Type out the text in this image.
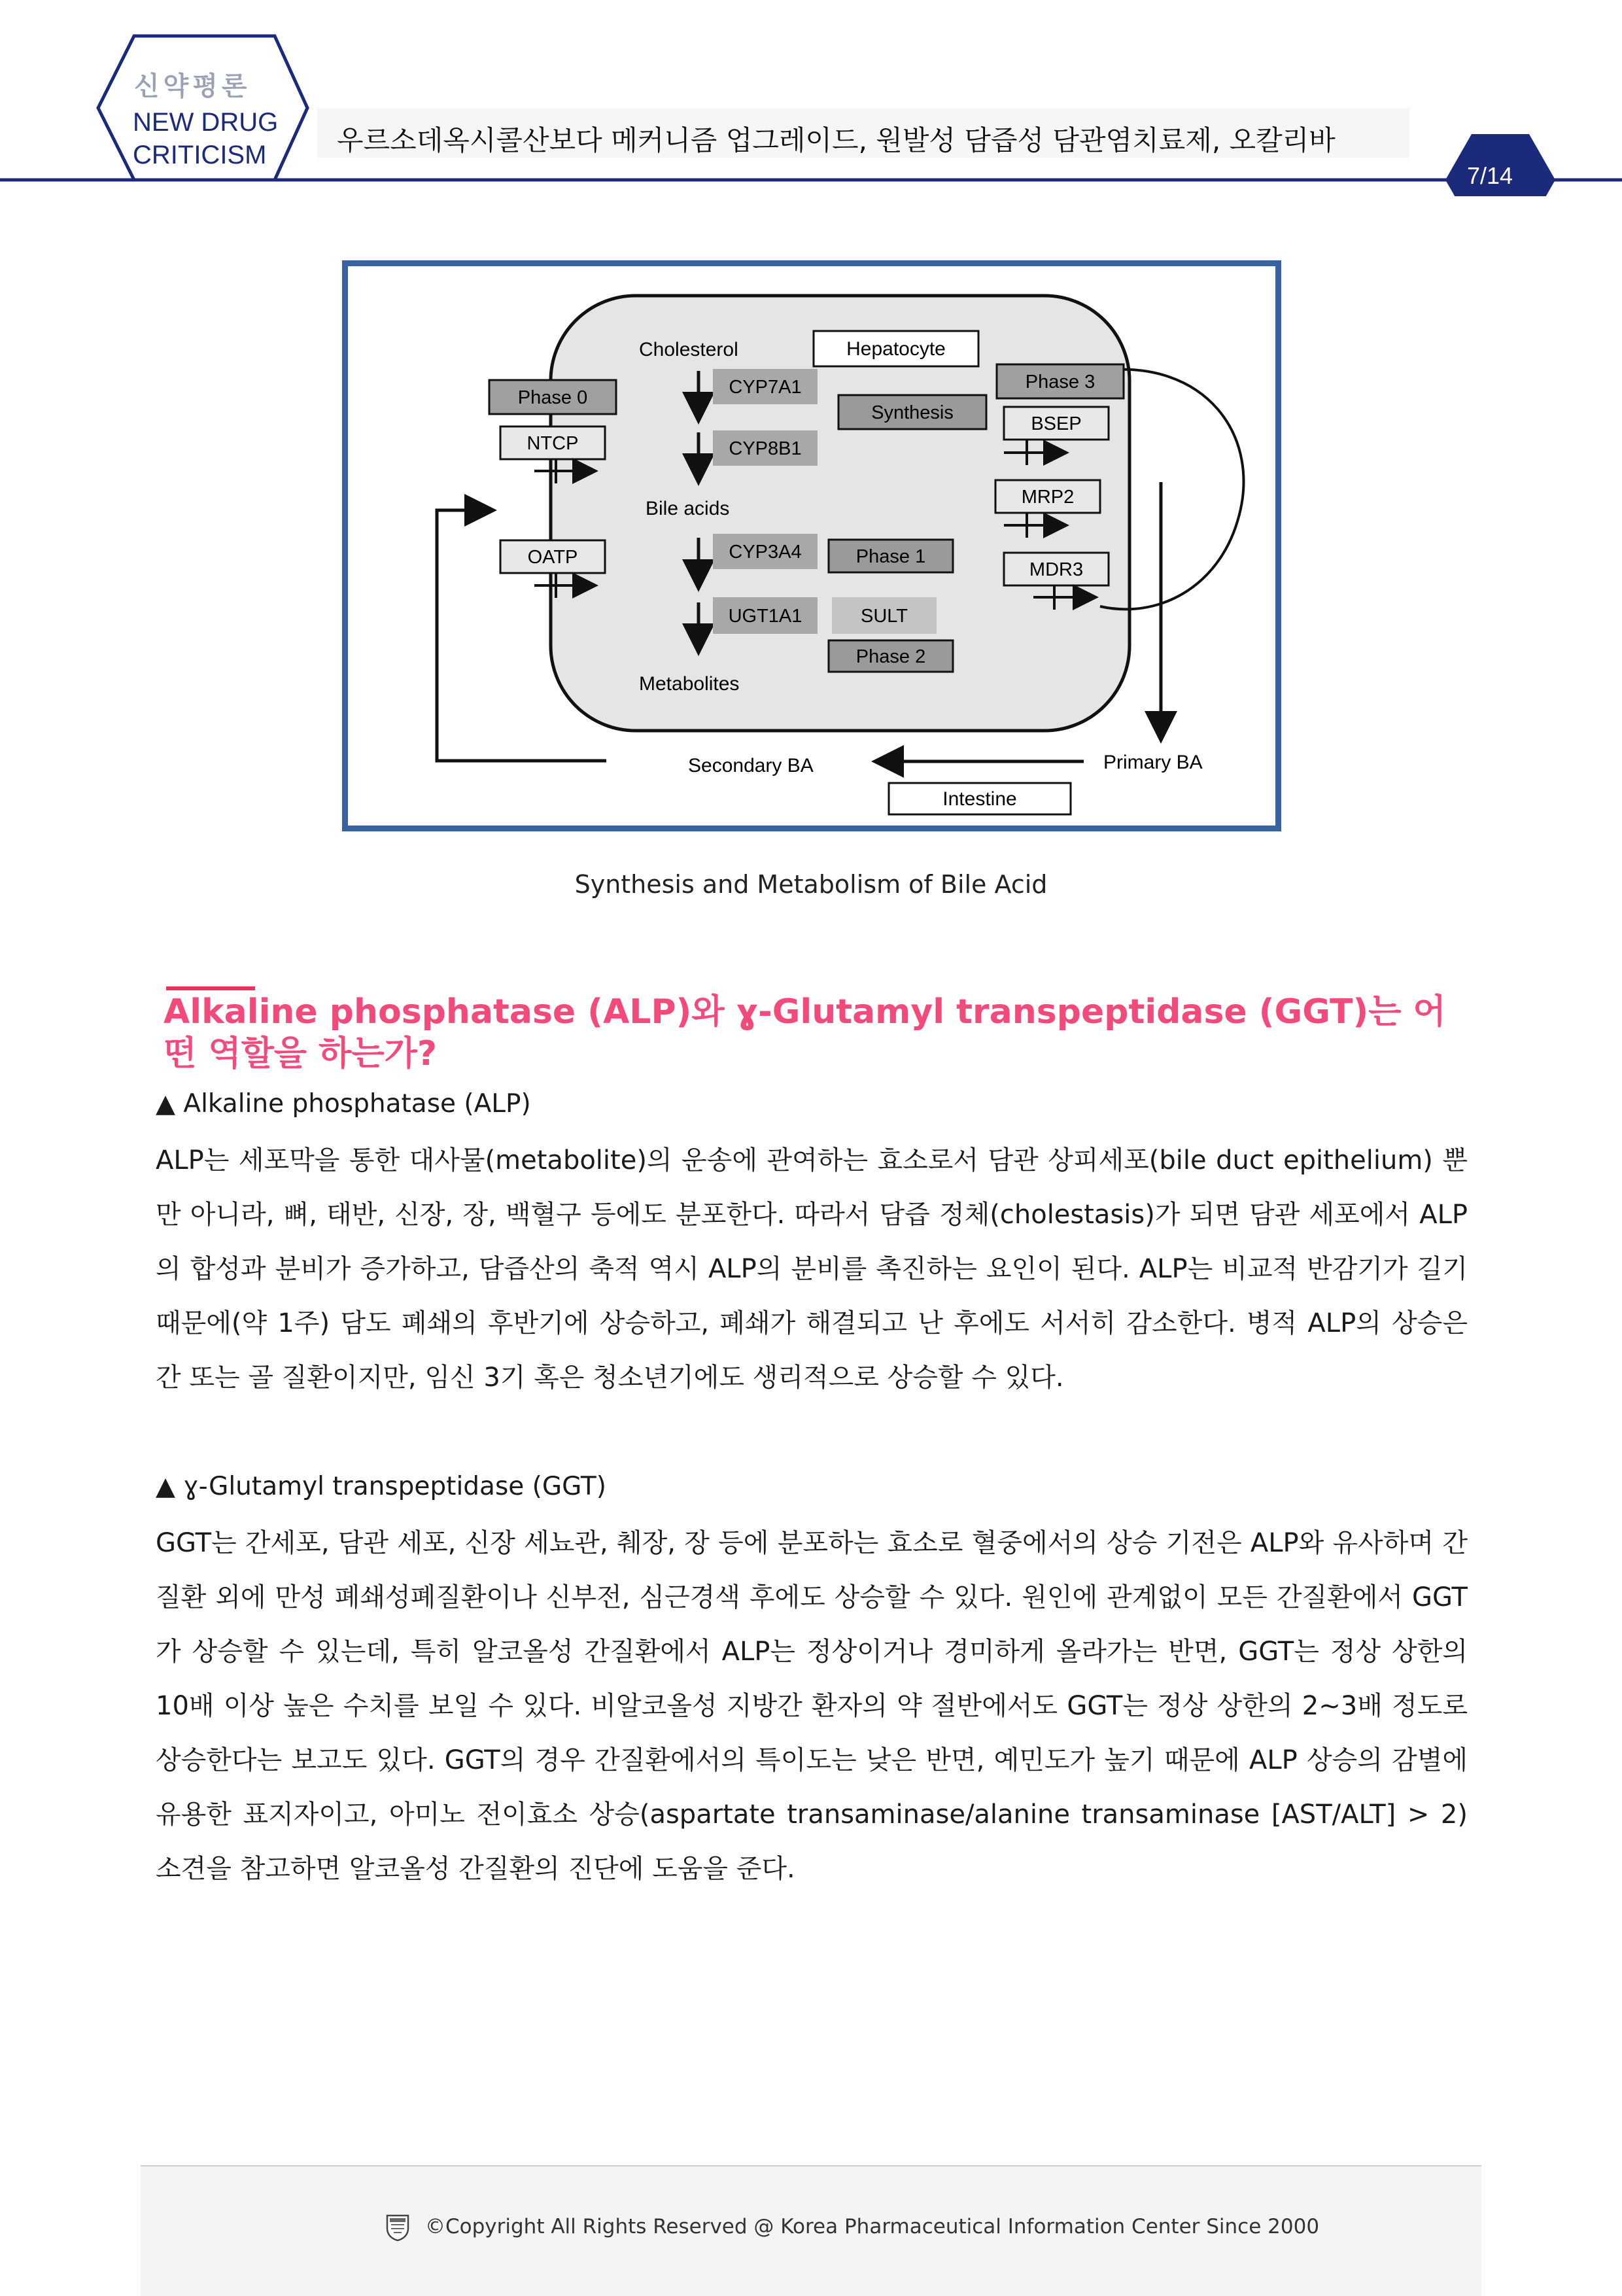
신약평론
NEW DRUG
CRITICISM	우르소데옥시콜산보다 메커니즘 업그레이드, 원발성 담즙성 담관염치료제, 오칼리바
7/14
Cholesterol	Hepatocyte
CYP7A1
Synthesis
CYP8B1
Bile acids
CYP3A4	Phase 1
UGT1A1	SULT
Phase 2
Metabolites
Phase 0
NTCP
OATP
Phase 3
BSEP
MRP2
MDR3
Primary BA
Secondary BA
Intestine
Synthesis and Metabolism of Bile Acid
Alkaline phosphatase (ALP)와 ɣ-Glutamyl transpeptidase (GGT)는 어떤 역할을 하는가?
▲ Alkaline phosphatase (ALP)
ALP는 세포막을 통한 대사물(metabolite)의 운송에 관여하는 효소로서 담관 상피세포(bile duct epithelium) 뿐만 아니라, 뼈, 태반, 신장, 장, 백혈구 등에도 분포한다. 따라서 담즙 정체(cholestasis)가 되면 담관 세포에서 ALP의 합성과 분비가 증가하고, 담즙산의 축적 역시 ALP의 분비를 촉진하는 요인이 된다. ALP는 비교적 반감기가 길기 때문에(약 1주) 담도 폐쇄의 후반기에 상승하고, 폐쇄가 해결되고 난 후에도 서서히 감소한다. 병적 ALP의 상승은 간 또는 골 질환이지만, 임신 3기 혹은 청소년기에도 생리적으로 상승할 수 있다.
▲ ɣ-Glutamyl transpeptidase (GGT)
GGT는 간세포, 담관 세포, 신장 세뇨관, 췌장, 장 등에 분포하는 효소로 혈중에서의 상승 기전은 ALP와 유사하며 간질환 외에 만성 폐쇄성폐질환이나 신부전, 심근경색 후에도 상승할 수 있다. 원인에 관계없이 모든 간질환에서 GGT가 상승할 수 있는데, 특히 알코올성 간질환에서 ALP는 정상이거나 경미하게 올라가는 반면, GGT는 정상 상한의 10배 이상 높은 수치를 보일 수 있다. 비알코올성 지방간 환자의 약 절반에서도 GGT는 정상 상한의 2~3배 정도로 상승한다는 보고도 있다. GGT의 경우 간질환에서의 특이도는 낮은 반면, 예민도가 높기 때문에 ALP 상승의 감별에 유용한 표지자이고, 아미노 전이효소 상승(aspartate transaminase/alanine transaminase [AST/ALT] > 2) 소견을 참고하면 알코올성 간질환의 진단에 도움을 준다.
©Copyright All Rights Reserved @ Korea Pharmaceutical Information Center Since 2000
